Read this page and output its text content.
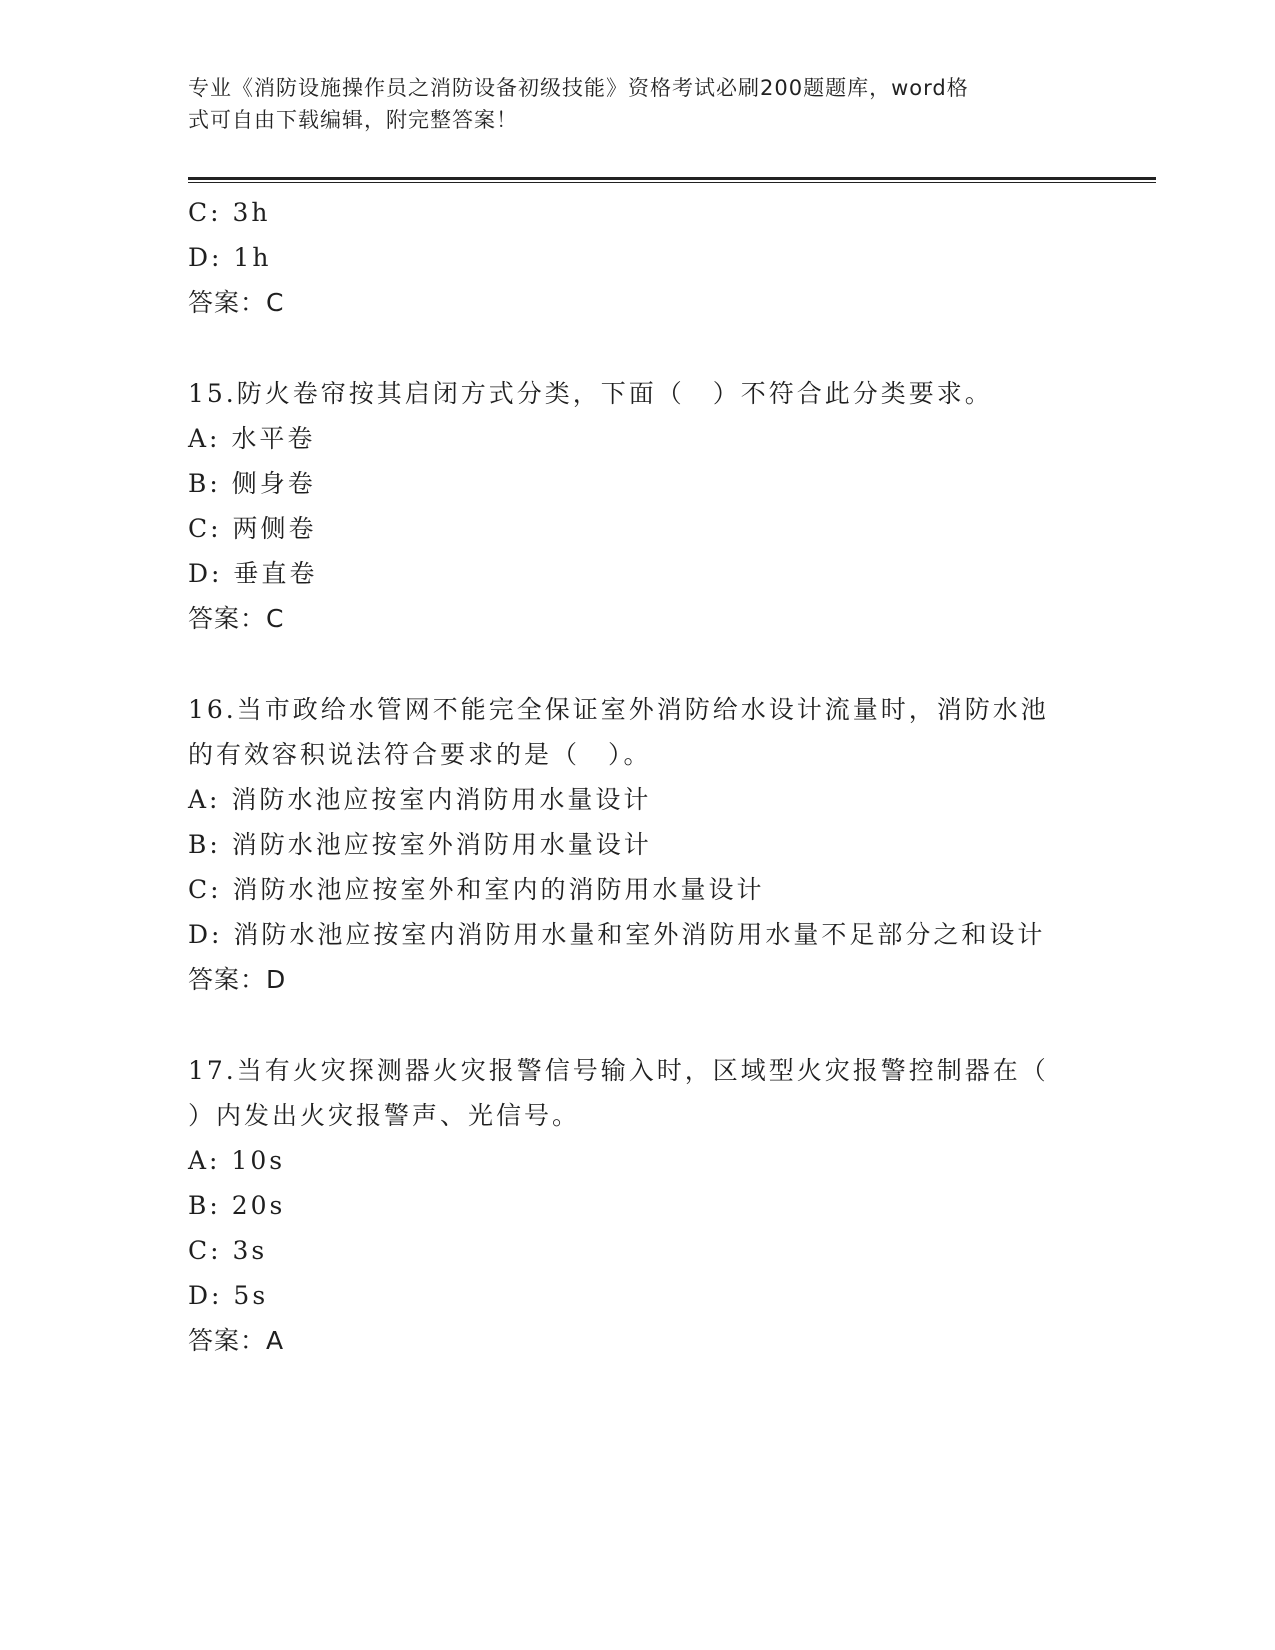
专业《消防设施操作员之消防设备初级技能》资格考试必刷200题题库，word格
式可自由下载编辑，附完整答案！
C: 3h
D: 1h
答案：C
15.防火卷帘按其启闭方式分类，下面（　）不符合此分类要求。
A: 水平卷
B: 侧身卷
C: 两侧卷
D: 垂直卷
答案：C
16.当市政给水管网不能完全保证室外消防给水设计流量时，消防水池
的有效容积说法符合要求的是（　）。
A: 消防水池应按室内消防用水量设计
B: 消防水池应按室外消防用水量设计
C: 消防水池应按室外和室内的消防用水量设计
D: 消防水池应按室内消防用水量和室外消防用水量不足部分之和设计
答案：D
17.当有火灾探测器火灾报警信号输入时，区域型火灾报警控制器在（
）内发出火灾报警声、光信号。
A: 10s
B: 20s
C: 3s
D: 5s
答案：A
